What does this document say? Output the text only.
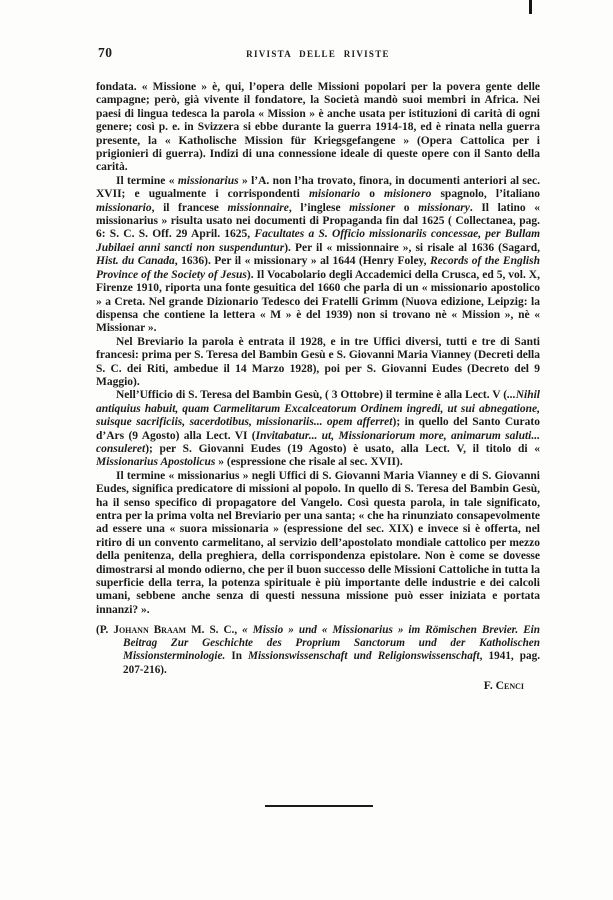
70	RIVISTA DELLE RIVISTE

fondata. « Missione » è, qui, l’opera delle Missioni popolari per la povera gente delle campagne; però, già vivente il fondatore, la Società mandò suoi membri in Africa. Nei paesi di lingua tedesca la parola « Mission » è anche usata per istituzioni di carità di ogni genere; così p. e. in Svizzera si ebbe durante la guerra 1914-18, ed è rinata nella guerra presente, la « Katholische Mission für Kriegsgefangene » (Opera Cattolica per i prigionieri di guerra). Indizi di una connessione ideale di queste opere con il Santo della carità.

Il termine « missionarius » l’A. non l’ha trovato, finora, in documenti anteriori al sec. XVII; e ugualmente i corrispondenti misionario o misionero spagnolo, l’italiano missionario, il francese missionnaire, l’inglese missioner o missionary. Il latino « missionarius » risulta usato nei documenti di Propaganda fin dal 1625 ( Collectanea, pag. 6: S. C. S. Off. 29 April. 1625, Facultates a S. Officio missionariis concessae, per Bullam Jubilaei anni sancti non suspenduntur). Per il « missionnaire », si risale al 1636 (Sagard, Hist. du Canada, 1636). Per il « missionary » al 1644 (Henry Foley, Records of the English Province of the Society of Jesus). Il Vocabolario degli Accademici della Crusca, ed 5, vol. X, Firenze 1910, riporta una fonte gesuitica del 1660 che parla di un « missionario apostolico » a Creta. Nel grande Dizionario Tedesco dei Fratelli Grimm (Nuova edizione, Leipzig: la dispensa che contiene la lettera « M » è del 1939) non si trovano nè « Mission », nè « Missionar ».

Nel Breviario la parola è entrata il 1928, e in tre Uffici diversi, tutti e tre di Santi francesi: prima per S. Teresa del Bambin Gesù e S. Giovanni Maria Vianney (Decreti della S. C. dei Riti, ambedue il 14 Marzo 1928), poi per S. Giovanni Eudes (Decreto del 9 Maggio).

Nell’Ufficio di S. Teresa del Bambin Gesù, ( 3 Ottobre) il termine è alla Lect. V (...Nihil antiquius habuit, quam Carmelitarum Excalceatorum Ordinem ingredi, ut sui abnegatione, suisque sacrificiis, sacerdotibus, missionariis... opem afferret); in quello del Santo Curato d’Ars (9 Agosto) alla Lect. VI (Invitabatur... ut, Missionariorum more, animarum saluti... consuleret); per S. Giovanni Eudes (19 Agosto) è usato, alla Lect. V, il titolo di « Missionarius Apostolicus » (espressione che risale al sec. XVII).

Il termine « missionarius » negli Uffici di S. Giovanni Maria Vianney e di S. Giovanni Eudes, significa predicatore di missioni al popolo. In quello di S. Teresa del Bambin Gesù, ha il senso specifico di propagatore del Vangelo. Così questa parola, in tale significato, entra per la prima volta nel Breviario per una santa; « che ha rinunziato consapevolmente ad essere una « suora missionaria » (espressione del sec. XIX) e invece si è offerta, nel ritiro di un convento carmelitano, al servizio dell’apostolato mondiale cattolico per mezzo della penitenza, della preghiera, della corrispondenza epistolare. Non è come se dovesse dimostrarsi al mondo odierno, che per il buon successo delle Missioni Cattoliche in tutta la superficie della terra, la potenza spirituale è più importante delle industrie e dei calcoli umani, sebbene anche senza di questi nessuna missione può esser iniziata e portata innanzi? ».

(P. Johann Braam M. S. C., « Missio » und « Missionarius » im Römischen Brevier. Ein Beitrag Zur Geschichte des Proprium Sanctorum und der Katholischen Missionsterminologie. In Missionswissenschaft und Religionswissenschaft, 1941, pag. 207-216).
F. Cenci
